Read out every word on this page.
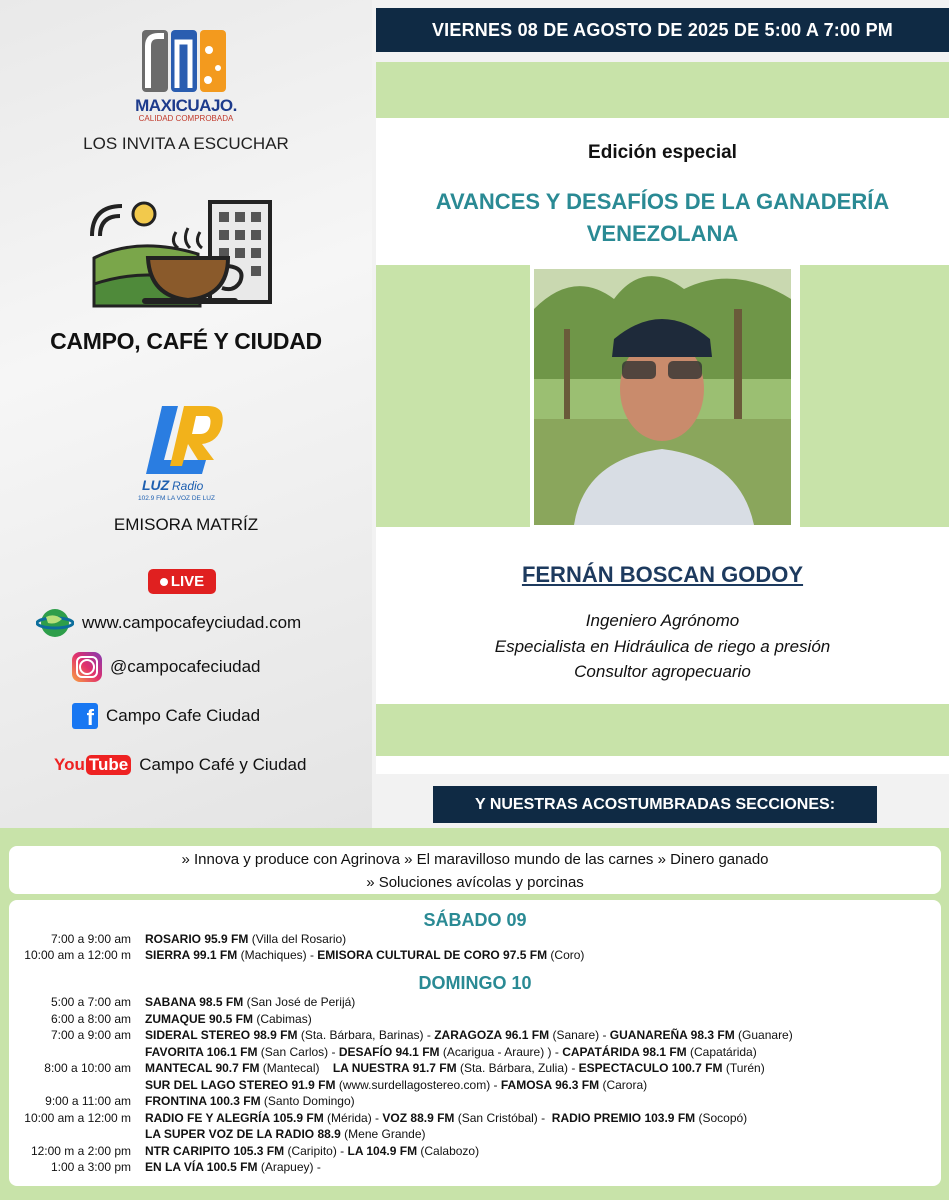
MAXICUAJO.
CALIDAD COMPROBADA
LOS INVITA A ESCUCHAR
CAMPO, CAFÉ Y CIUDAD
LUZ Radio
102.9 FM LA VOZ DE LUZ
EMISORA MATRÍZ
LIVE
www.campocafeyciudad.com
@campocafeciudad
f Campo Cafe Ciudad
You Tube Campo Café y Ciudad
VIERNES 08 DE AGOSTO DE 2025 DE 5:00 A 7:00 PM
Edición especial
AVANCES Y DESAFÍOS DE LA GANADERÍA
VENEZOLANA
FERNÁN BOSCAN GODOY
Ingeniero Agrónomo
Especialista en Hidráulica de riego a presión
Consultor agropecuario
Y NUESTRAS ACOSTUMBRADAS SECCIONES:
» Innova y produce con Agrinova » El maravilloso mundo de las carnes » Dinero ganado
» Soluciones avícolas y porcinas
SÁBADO 09
DOMINGO 10
7:00 a 9:00 am	ROSARIO 95.9 FM (Villa del Rosario)
10:00 am a 12:00 m	SIERRA 99.1 FM (Machiques) - EMISORA CULTURAL DE CORO 97.5 FM (Coro)
5:00 a 7:00 am	SABANA 98.5 FM (San José de Perijá)
6:00 a 8:00 am	ZUMAQUE 90.5 FM (Cabimas)
7:00 a 9:00 am	SIDERAL STEREO 98.9 FM (Sta. Bárbara, Barinas) - ZARAGOZA 96.1 FM (Sanare) - GUANAREÑA 98.3 FM (Guanare)
FAVORITA 106.1 FM (San Carlos) - DESAFÍO 94.1 FM (Acarigua - Araure) ) - CAPATÁRIDA 98.1 FM (Capatárida)
8:00 a 10:00 am	MANTECAL 90.7 FM (Mantecal)    LA NUESTRA 91.7 FM (Sta. Bárbara, Zulia) - ESPECTACULO 100.7 FM (Turén)
SUR DEL LAGO STEREO 91.9 FM (www.surdellagostereo.com) - FAMOSA 96.3 FM (Carora)
9:00 a 11:00 am	FRONTINA 100.3 FM (Santo Domingo)
10:00 am a 12:00 m	RADIO FE Y ALEGRÍA 105.9 FM (Mérida) - VOZ 88.9 FM (San Cristóbal) -  RADIO PREMIO 103.9 FM (Socopó)
LA SUPER VOZ DE LA RADIO 88.9 (Mene Grande)
12:00 m a 2:00 pm	NTR CARIPITO 105.3 FM (Caripito) - LA 104.9 FM (Calabozo)
1:00 a 3:00 pm	EN LA VÍA 100.5 FM (Arapuey) -
